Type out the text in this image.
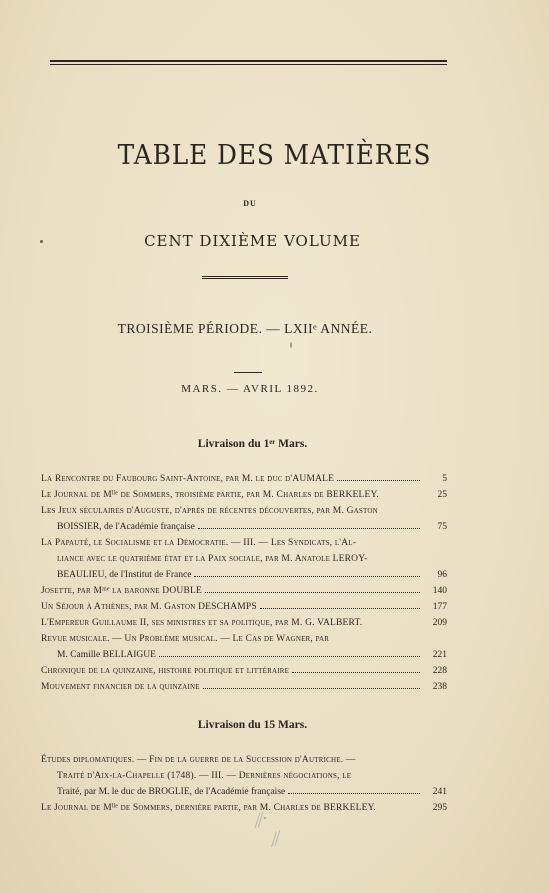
TABLE DES MATIÈRES
DU
CENT DIXIÈME VOLUME
TROISIÈME PÉRIODE. — LXIIᵉ ANNÉE.
MARS. — AVRIL 1892.
Livraison du 1ᵉʳ Mars.
La Rencontre du Faubourg Saint-Antoine, par M. le duc d'AUMALE	5
Le Journal de Mˡˡᵉ de Sommers, troisième partie, par M. Charles de BERKELEY.	25
Les Jeux séculaires d'Auguste, d'après de récentes découvertes, par M. Gaston
BOISSIER, de l'Académie française	75
La Papauté, le Socialisme et la Démocratie. — III. — Les Syndicats, l'Al-
liance avec le quatrième état et la Paix sociale, par M. Anatole LEROY-
BEAULIEU, de l'Institut de France	96
Josette, par Mᵐᵉ la baronne DOUBLE	140
Un Séjour à Athènes, par M. Gaston DESCHAMPS	177
L'Empereur Guillaume II, ses ministres et sa politique, par M. G. VALBERT.	209
Revue musicale. — Un Problème musical. — Le Cas de Wagner, par
M. Camille BELLAIGUE	221
Chronique de la quinzaine, histoire politique et littéraire	228
Mouvement financier de la quinzaine	238
Livraison du 15 Mars.
Études diplomatiques. — Fin de la guerre de la Succession d'Autriche. —
Traité d'Aix-la-Chapelle (1748). — III. — Dernières négociations, le
Traité, par M. le duc de BROGLIE, de l'Académie française	241
Le Journal de Mˡˡᵉ de Sommers, dernière partie, par M. Charles de BERKELEY.	295
⁄⁄·
⁄⁄
